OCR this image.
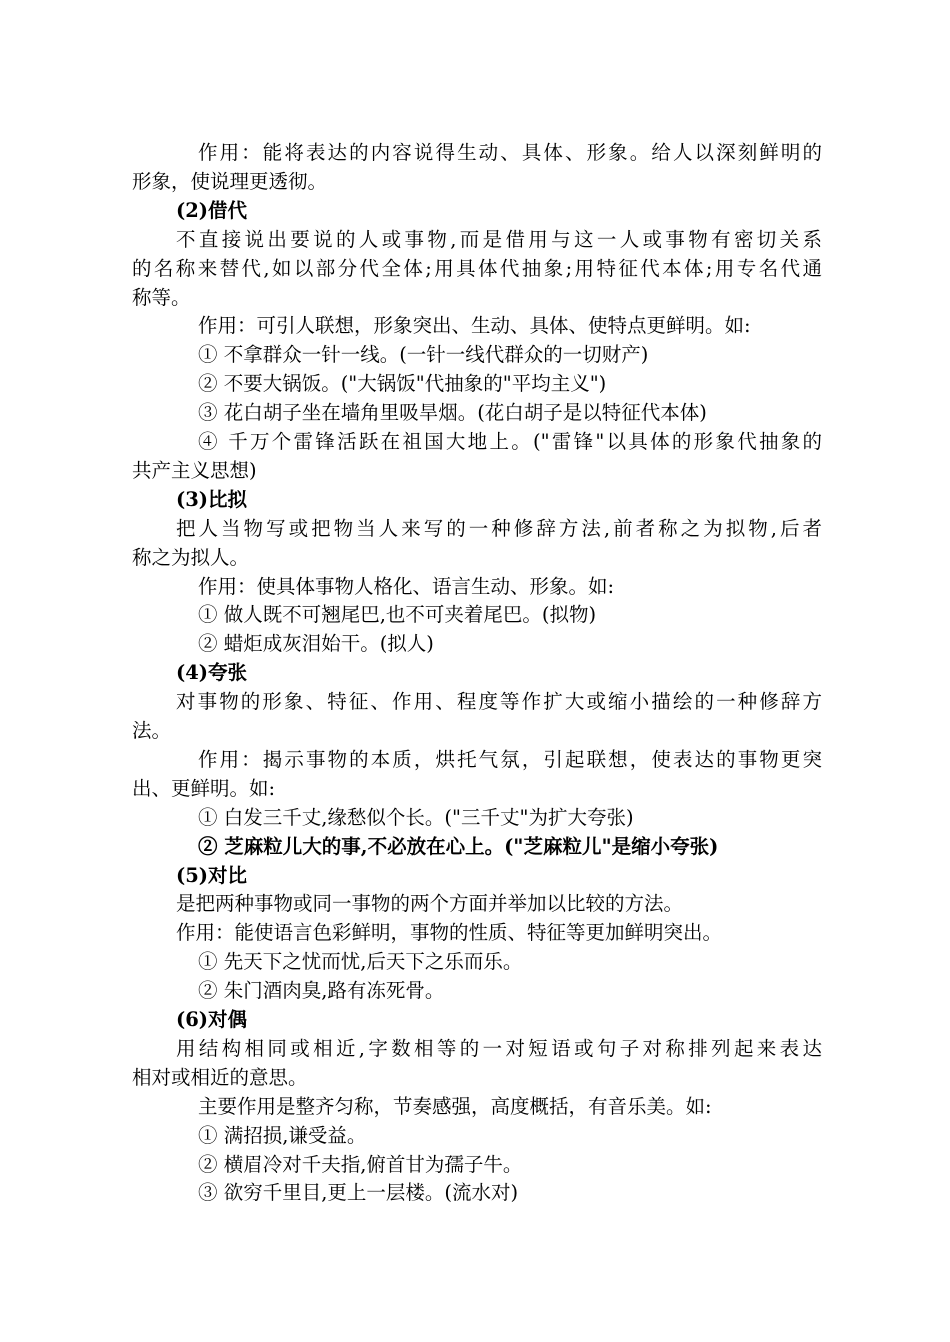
作用：能将表达的内容说得生动、具体、形象。给人以深刻鲜明的
形象，使说理更透彻。
(2)借代
不直接说出要说的人或事物,而是借用与这一人或事物有密切关系
的名称来替代,如以部分代全体;用具体代抽象;用特征代本体;用专名代通
称等。
作用：可引人联想，形象突出、生动、具体、使特点更鲜明。如:
① 不拿群众一针一线。(一针一线代群众的一切财产)
② 不要大锅饭。("大锅饭"代抽象的"平均主义")
③ 花白胡子坐在墙角里吸旱烟。(花白胡子是以特征代本体)
④ 千万个雷锋活跃在祖国大地上。("雷锋"以具体的形象代抽象的
共产主义思想)
(3)比拟
把人当物写或把物当人来写的一种修辞方法,前者称之为拟物,后者
称之为拟人。
作用：使具体事物人格化、语言生动、形象。如:
① 做人既不可翘尾巴,也不可夹着尾巴。(拟物)
② 蜡炬成灰泪始干。(拟人)
(4)夸张
对事物的形象、特征、作用、程度等作扩大或缩小描绘的一种修辞方
法。
作用：揭示事物的本质，烘托气氛，引起联想，使表达的事物更突
出、更鲜明。如:
① 白发三千丈,缘愁似个长。("三千丈"为扩大夸张)
② 芝麻粒儿大的事,不必放在心上。("芝麻粒儿"是缩小夸张)
(5)对比
是把两种事物或同一事物的两个方面并举加以比较的方法。
作用：能使语言色彩鲜明，事物的性质、特征等更加鲜明突出。
① 先天下之忧而忧,后天下之乐而乐。
② 朱门酒肉臭,路有冻死骨。
(6)对偶
用结构相同或相近,字数相等的一对短语或句子对称排列起来表达
相对或相近的意思。
主要作用是整齐匀称，节奏感强，高度概括，有音乐美。如:
① 满招损,谦受益。
② 横眉冷对千夫指,俯首甘为孺子牛。
③ 欲穷千里目,更上一层楼。(流水对)
